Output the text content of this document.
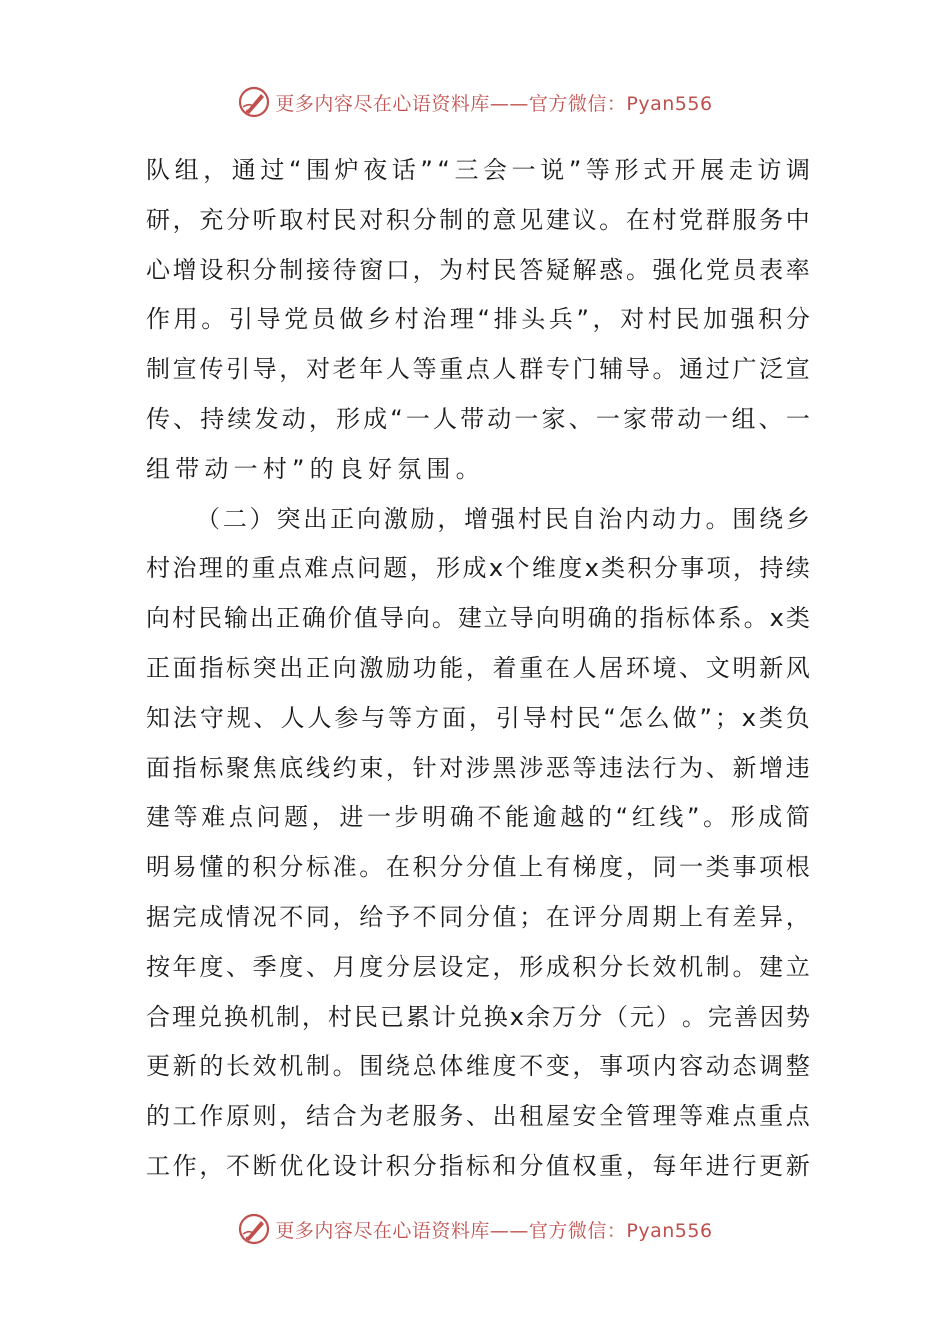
更多内容尽在心语资料库——官方微信：Pyan556
队 组 ， 通 过 “ 围 炉 夜 话 ” “ 三 会 一 说 ” 等 形 式 开 展 走 访 调
研 ， 充 分 听 取 村 民 对 积 分 制 的 意 见 建 议 。 在 村 党 群 服 务 中
心 增 设 积 分 制 接 待 窗 口 ， 为 村 民 答 疑 解 惑 。 强 化 党 员 表 率
作 用 。 引 导 党 员 做 乡 村 治 理 “ 排 头 兵 ” ， 对 村 民 加 强 积 分
制 宣 传 引 导 ， 对 老 年 人 等 重 点 人 群 专 门 辅 导 。 通 过 广 泛 宣
传 、 持 续 发 动 ， 形 成 “ 一 人 带 动 一 家 、 一 家 带 动 一 组 、 一
组带动一村”的良好氛围。
（ 二 ） 突 出 正 向 激 励 ， 增 强 村 民 自 治 内 动 力 。 围 绕 乡
村 治 理 的 重 点 难 点 问 题 ， 形 成 x 个 维 度 x 类 积 分 事 项 ， 持 续
向 村 民 输 出 正 确 价 值 导 向 。 建 立 导 向 明 确 的 指 标 体 系 。 x 类
正 面 指 标 突 出 正 向 激 励 功 能 ， 着 重 在 人 居 环 境 、 文 明 新 风
知 法 守 规 、 人 人 参 与 等 方 面 ， 引 导 村 民 “ 怎 么 做 ” ； x 类 负
面 指 标 聚 焦 底 线 约 束 ， 针 对 涉 黑 涉 恶 等 违 法 行 为 、 新 增 违
建 等 难 点 问 题 ， 进 一 步 明 确 不 能 逾 越 的 “ 红 线 ” 。 形 成 简
明 易 懂 的 积 分 标 准 。 在 积 分 分 值 上 有 梯 度 ， 同 一 类 事 项 根
据 完 成 情 况 不 同 ， 给 予 不 同 分 值 ； 在 评 分 周 期 上 有 差 异 ，
按 年 度 、 季 度 、 月 度 分 层 设 定 ， 形 成 积 分 长 效 机 制 。 建 立
合 理 兑 换 机 制 ， 村 民 已 累 计 兑 换 x 余 万 分 （ 元 ） 。 完 善 因 势
更 新 的 长 效 机 制 。 围 绕 总 体 维 度 不 变 ， 事 项 内 容 动 态 调 整
的 工 作 原 则 ， 结 合 为 老 服 务 、 出 租 屋 安 全 管 理 等 难 点 重 点
工 作 ， 不 断 优 化 设 计 积 分 指 标 和 分 值 权 重 ， 每 年 进 行 更 新
更多内容尽在心语资料库——官方微信：Pyan556
